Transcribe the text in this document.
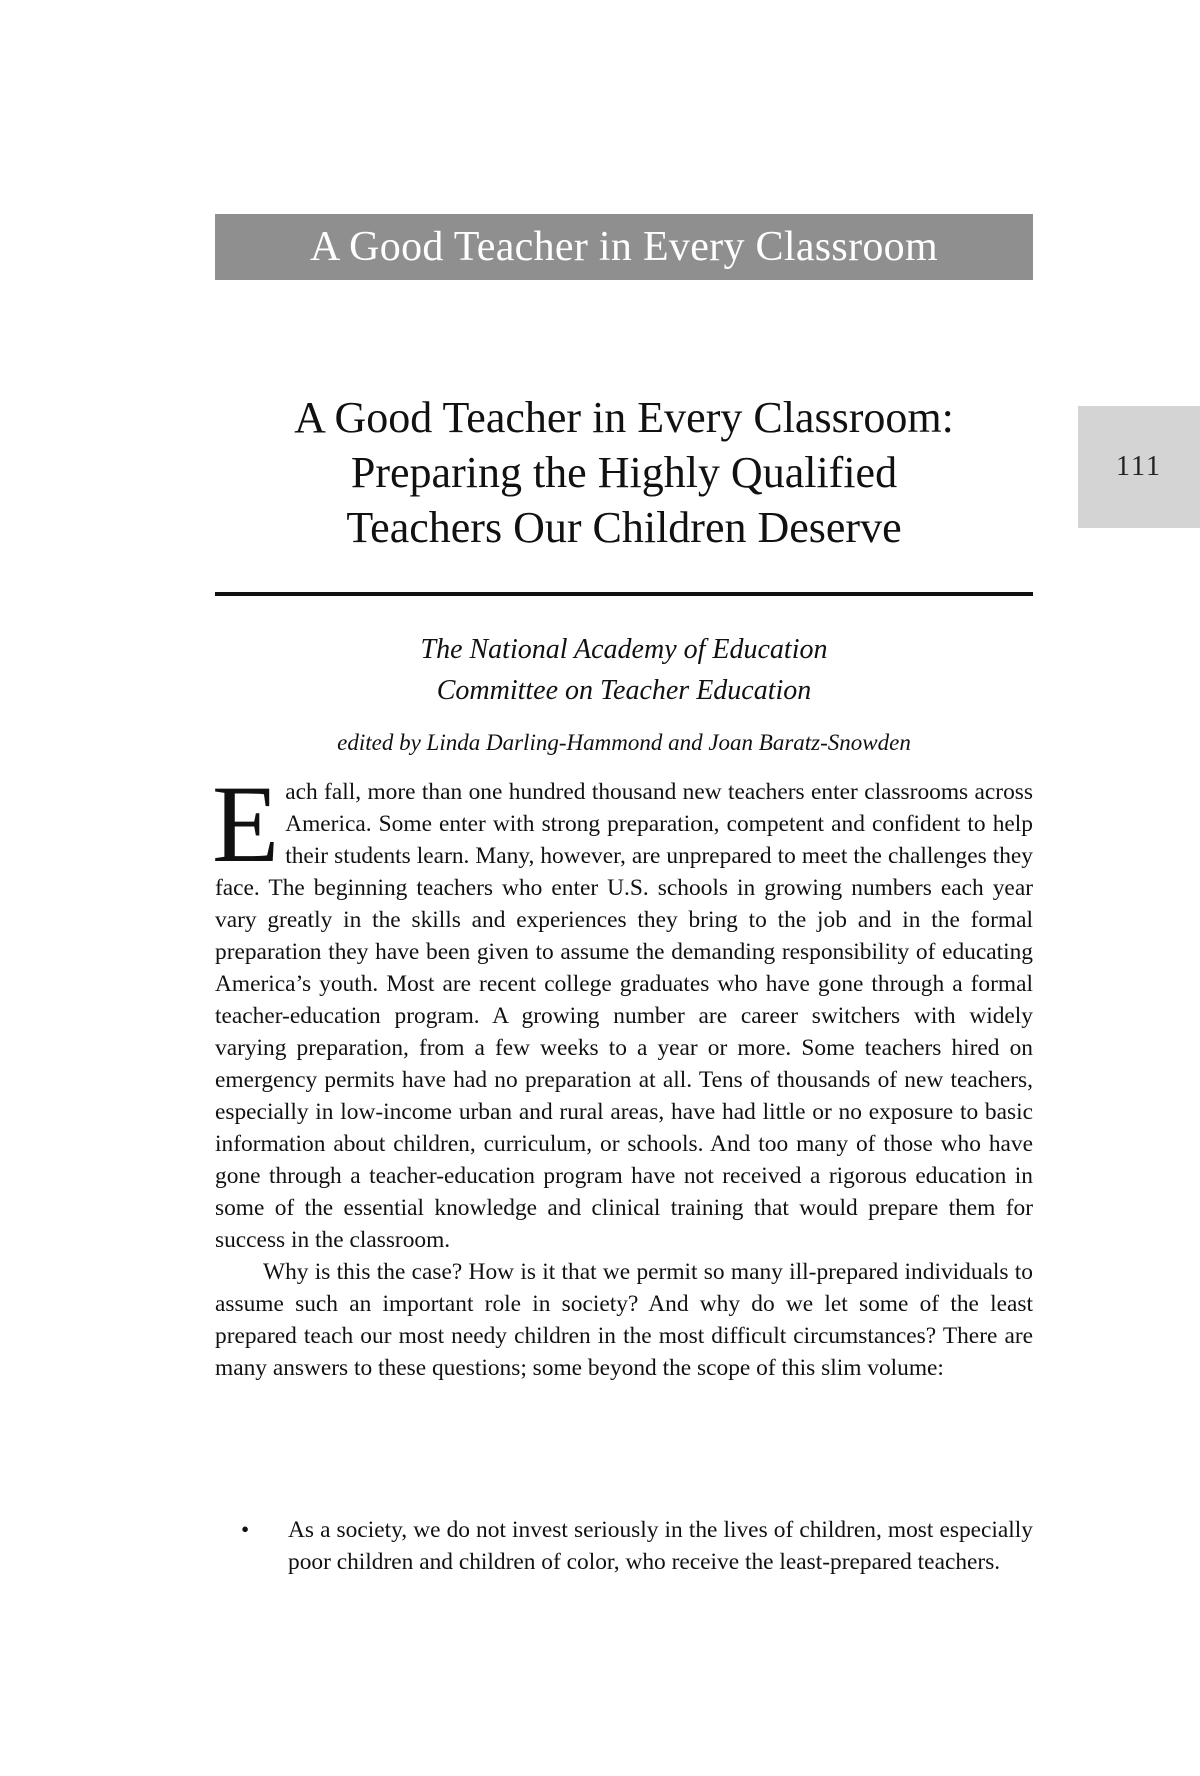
A Good Teacher in Every Classroom
111
A Good Teacher in Every Classroom:
Preparing the Highly Qualified
Teachers Our Children Deserve
The National Academy of Education
Committee on Teacher Education
edited by Linda Darling-Hammond and Joan Baratz-Snowden

Each fall, more than one hundred thousand new teachers enter classrooms across America. Some enter with strong preparation, competent and confident to help their students learn. Many, however, are unprepared to meet the challenges they face. The beginning teachers who enter U.S. schools in growing numbers each year vary greatly in the skills and experiences they bring to the job and in the formal preparation they have been given to assume the demanding responsibility of educating America’s youth. Most are recent college graduates who have gone through a formal teacher-education program. A growing number are career switchers with widely varying preparation, from a few weeks to a year or more. Some teachers hired on emergency permits have had no preparation at all. Tens of thousands of new teachers, especially in low-income urban and rural areas, have had little or no exposure to basic information about children, curriculum, or schools. And too many of those who have gone through a teacher-education program have not received a rigorous education in some of the essential knowledge and clinical training that would prepare them for success in the classroom.

Why is this the case? How is it that we permit so many ill-prepared individuals to assume such an important role in society? And why do we let some of the least prepared teach our most needy children in the most difficult circumstances? There are many answers to these questions; some beyond the scope of this slim volume:

• As a society, we do not invest seriously in the lives of children, most especially poor children and children of color, who receive the least-prepared teachers.
